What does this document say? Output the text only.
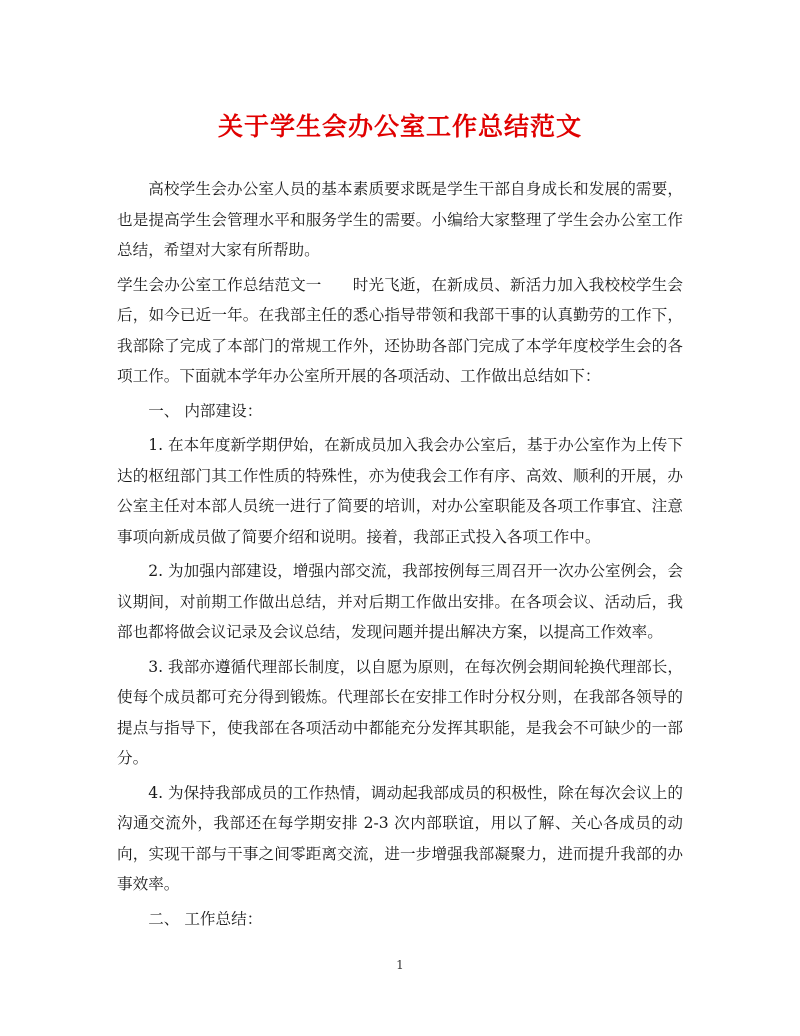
关于学生会办公室工作总结范文

高校学生会办公室人员的基本素质要求既是学生干部自身成长和发展的需要，也是提高学生会管理水平和服务学生的需要。小编给大家整理了学生会办公室工作总结，希望对大家有所帮助。

学生会办公室工作总结范文一 时光飞逝，在新成员、新活力加入我校校学生会后，如今已近一年。在我部主任的悉心指导带领和我部干事的认真勤劳的工作下，我部除了完成了本部门的常规工作外，还协助各部门完成了本学年度校学生会的各项工作。下面就本学年办公室所开展的各项活动、工作做出总结如下：

一、 内部建设：

1. 在本年度新学期伊始，在新成员加入我会办公室后，基于办公室作为上传下达的枢纽部门其工作性质的特殊性，亦为使我会工作有序、高效、顺利的开展，办公室主任对本部人员统一进行了简要的培训，对办公室职能及各项工作事宜、注意事项向新成员做了简要介绍和说明。接着，我部正式投入各项工作中。

2. 为加强内部建设，增强内部交流，我部按例每三周召开一次办公室例会，会议期间，对前期工作做出总结，并对后期工作做出安排。在各项会议、活动后，我部也都将做会议记录及会议总结，发现问题并提出解决方案，以提高工作效率。

3. 我部亦遵循代理部长制度，以自愿为原则，在每次例会期间轮换代理部长，使每个成员都可充分得到锻炼。代理部长在安排工作时分权分则，在我部各领导的提点与指导下，使我部在各项活动中都能充分发挥其职能，是我会不可缺少的一部分。

4. 为保持我部成员的工作热情，调动起我部成员的积极性，除在每次会议上的沟通交流外，我部还在每学期安排 2-3 次内部联谊，用以了解、关心各成员的动向，实现干部与干事之间零距离交流，进一步增强我部凝聚力，进而提升我部的办事效率。

二、 工作总结：

1
